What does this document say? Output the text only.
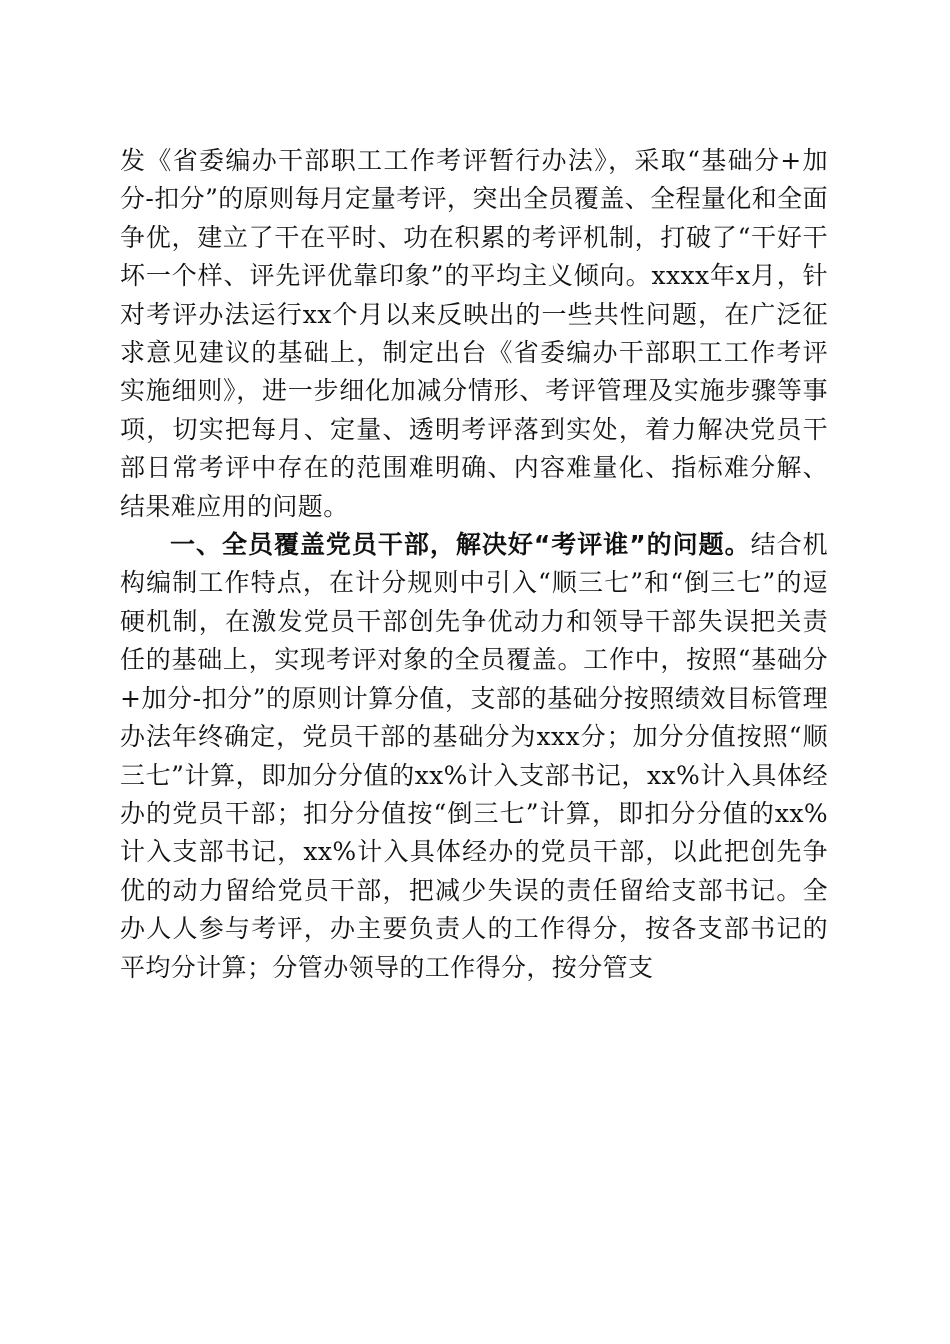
发《省委编办干部职工工作考评暂行办法》，采取“基础分+加分-扣分”的原则每月定量考评，突出全员覆盖、全程量化和全面争优，建立了干在平时、功在积累的考评机制，打破了“干好干坏一个样、评先评优靠印象”的平均主义倾向。xxxx年x月，针对考评办法运行xx个月以来反映出的一些共性问题，在广泛征求意见建议的基础上，制定出台《省委编办干部职工工作考评实施细则》，进一步细化加减分情形、考评管理及实施步骤等事项，切实把每月、定量、透明考评落到实处，着力解决党员干部日常考评中存在的范围难明确、内容难量化、指标难分解、结果难应用的问题。

一、全员覆盖党员干部，解决好“考评谁”的问题。结合机构编制工作特点，在计分规则中引入“顺三七”和“倒三七”的逗硬机制，在激发党员干部创先争优动力和领导干部失误把关责任的基础上，实现考评对象的全员覆盖。工作中，按照“基础分+加分-扣分”的原则计算分值，支部的基础分按照绩效目标管理办法年终确定，党员干部的基础分为xxx分；加分分值按照“顺三七”计算，即加分分值的xx%计入支部书记，xx%计入具体经办的党员干部；扣分分值按“倒三七”计算，即扣分分值的xx%计入支部书记，xx%计入具体经办的党员干部，以此把创先争优的动力留给党员干部，把减少失误的责任留给支部书记。全办人人参与考评，办主要负责人的工作得分，按各支部书记的平均分计算；分管办领导的工作得分，按分管支
